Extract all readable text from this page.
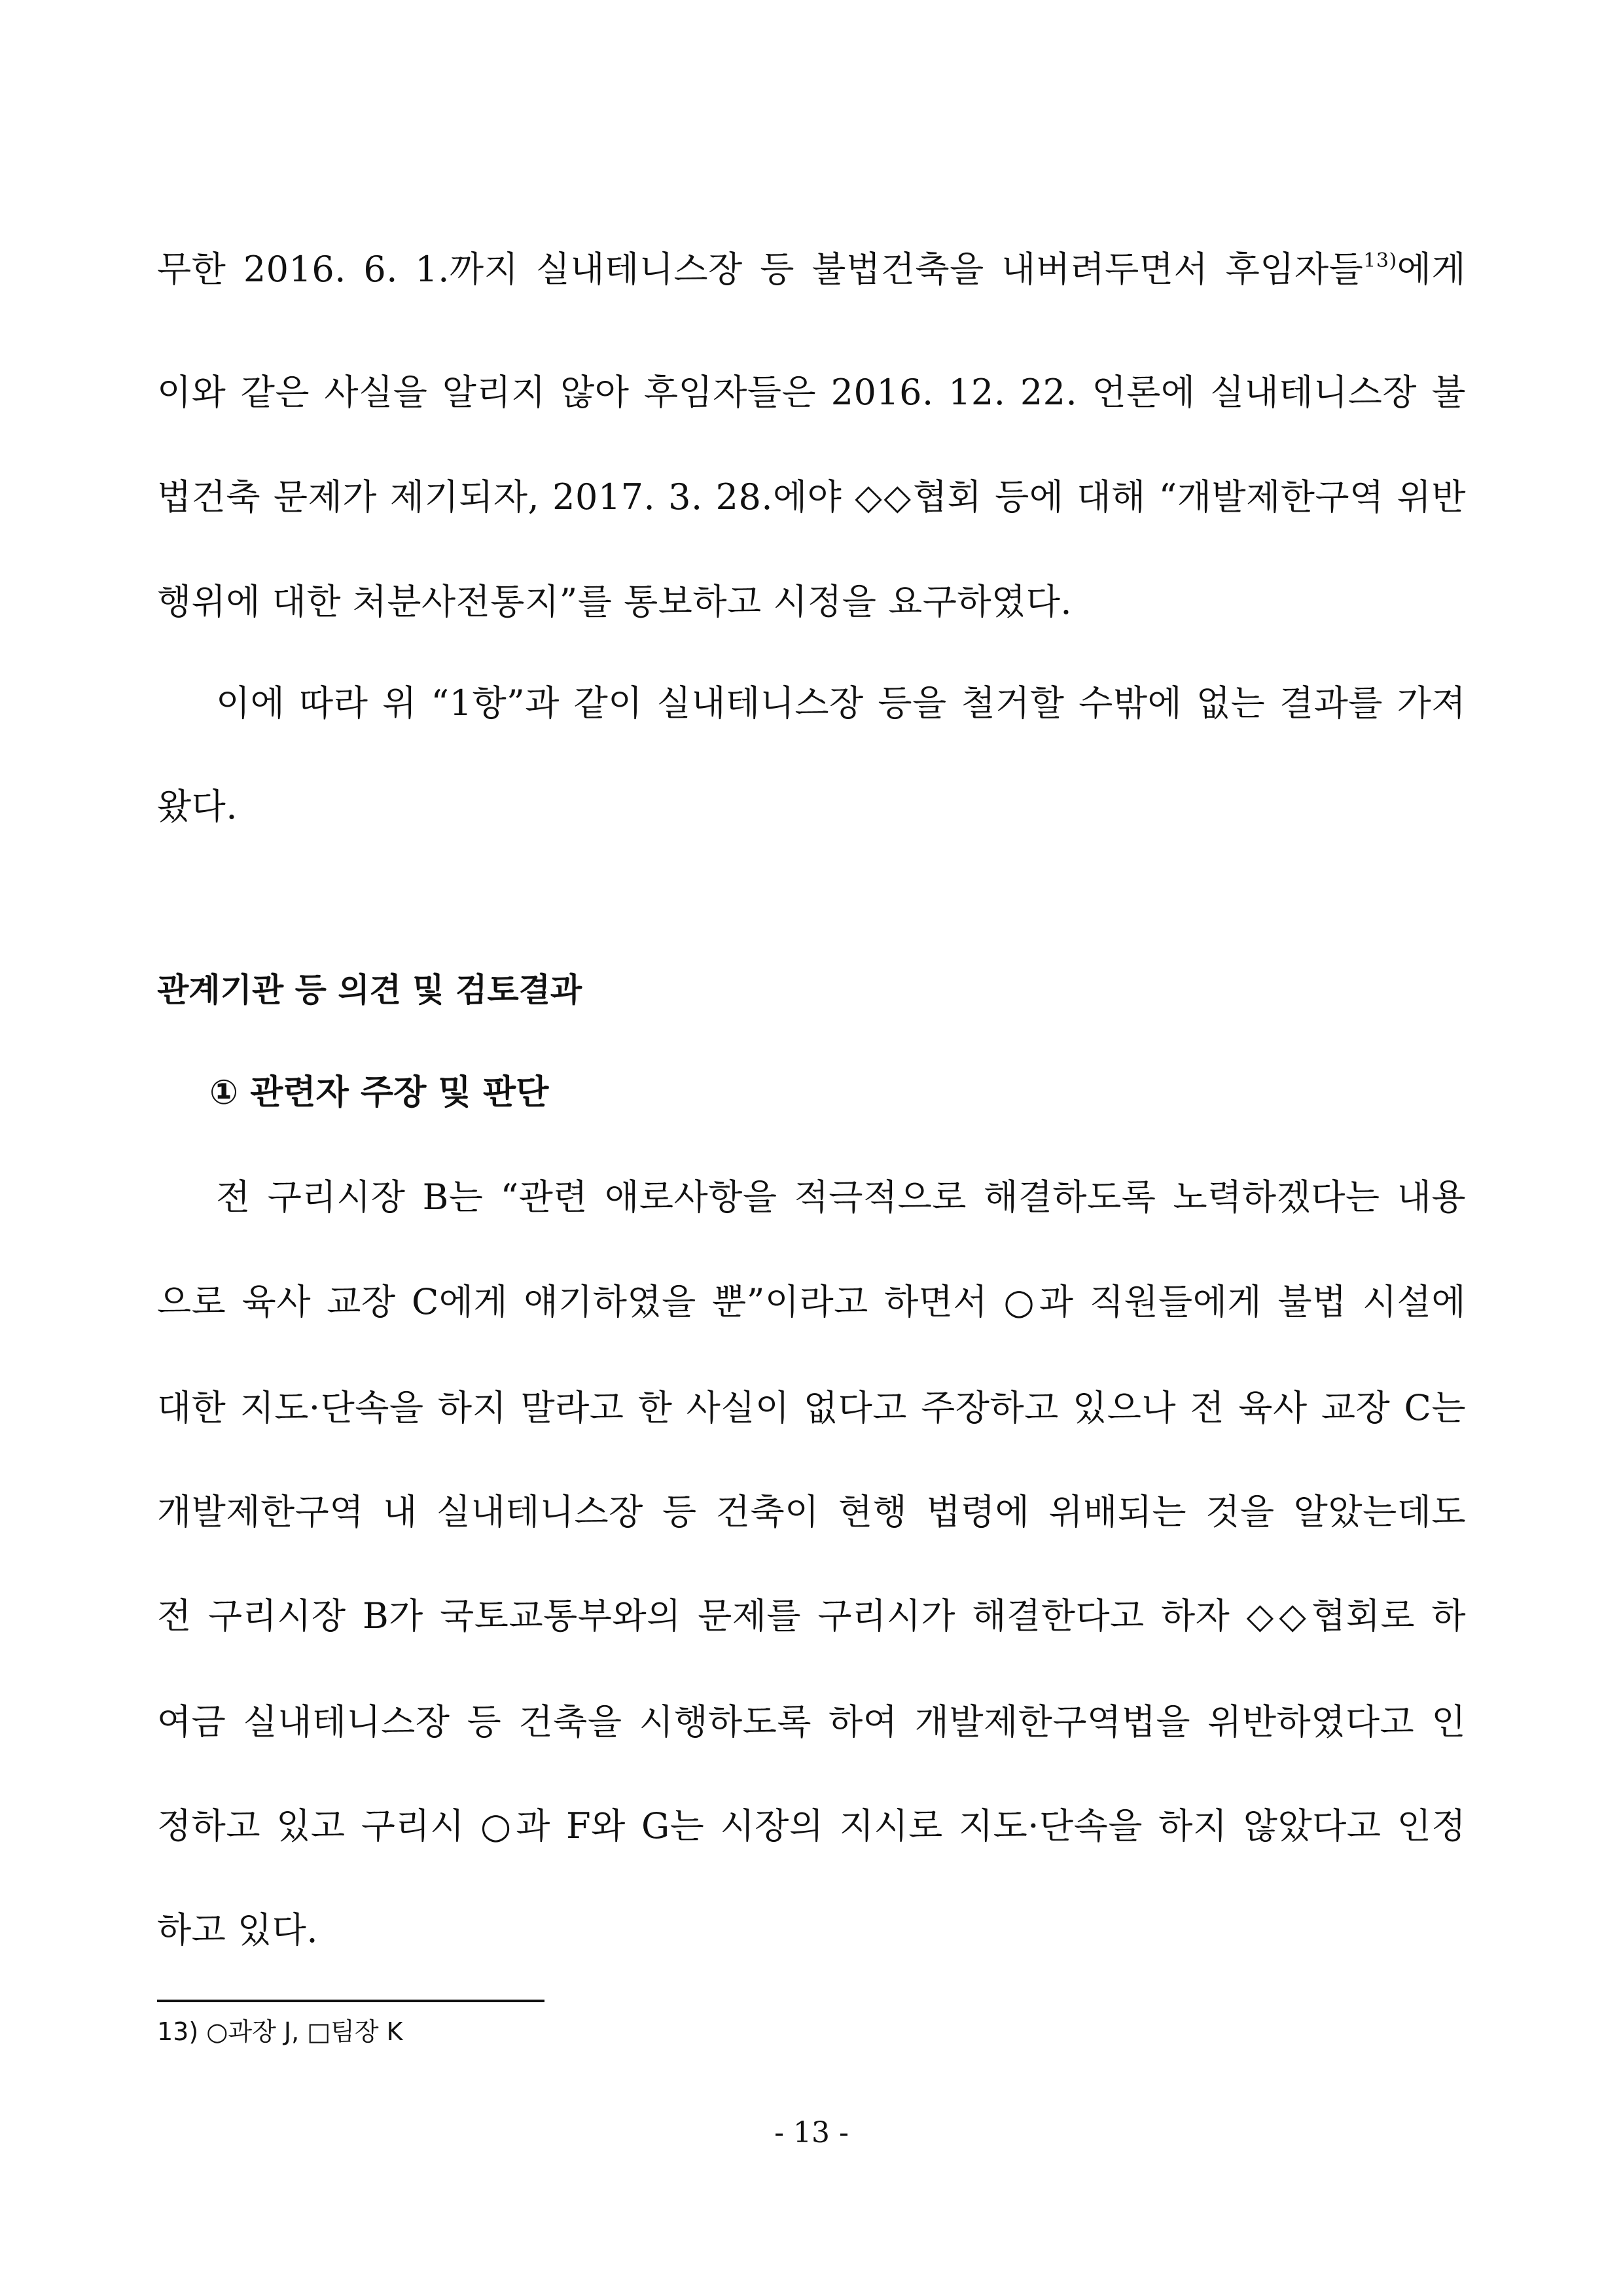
무한 2016. 6. 1.까지 실내테니스장 등 불법건축을 내버려두면서 후임자들$^{13)}$에게
이와 같은 사실을 알리지 않아 후임자들은 2016. 12. 22. 언론에 실내테니스장 불
법건축 문제가 제기되자, 2017. 3. 28.에야 ◇◇협회 등에 대해 “개발제한구역 위반
행위에 대한 처분사전통지”를 통보하고 시정을 요구하였다.
이에 따라 위 “1항”과 같이 실내테니스장 등을 철거할 수밖에 없는 결과를 가져
왔다.
관계기관 등 의견 및 검토결과
① 관련자 주장 및 판단
전 구리시장 B는 “관련 애로사항을 적극적으로 해결하도록 노력하겠다는 내용
으로 육사 교장 C에게 얘기하였을 뿐”이라고 하면서 ○과 직원들에게 불법 시설에
대한 지도·단속을 하지 말라고 한 사실이 없다고 주장하고 있으나 전 육사 교장 C는
개발제한구역 내 실내테니스장 등 건축이 현행 법령에 위배되는 것을 알았는데도
전 구리시장 B가 국토교통부와의 문제를 구리시가 해결한다고 하자 ◇◇협회로 하
여금 실내테니스장 등 건축을 시행하도록 하여 개발제한구역법을 위반하였다고 인
정하고 있고 구리시 ○과 F와 G는 시장의 지시로 지도·단속을 하지 않았다고 인정
하고 있다.
13) ○과장 J, □팀장 K
- 13 -
